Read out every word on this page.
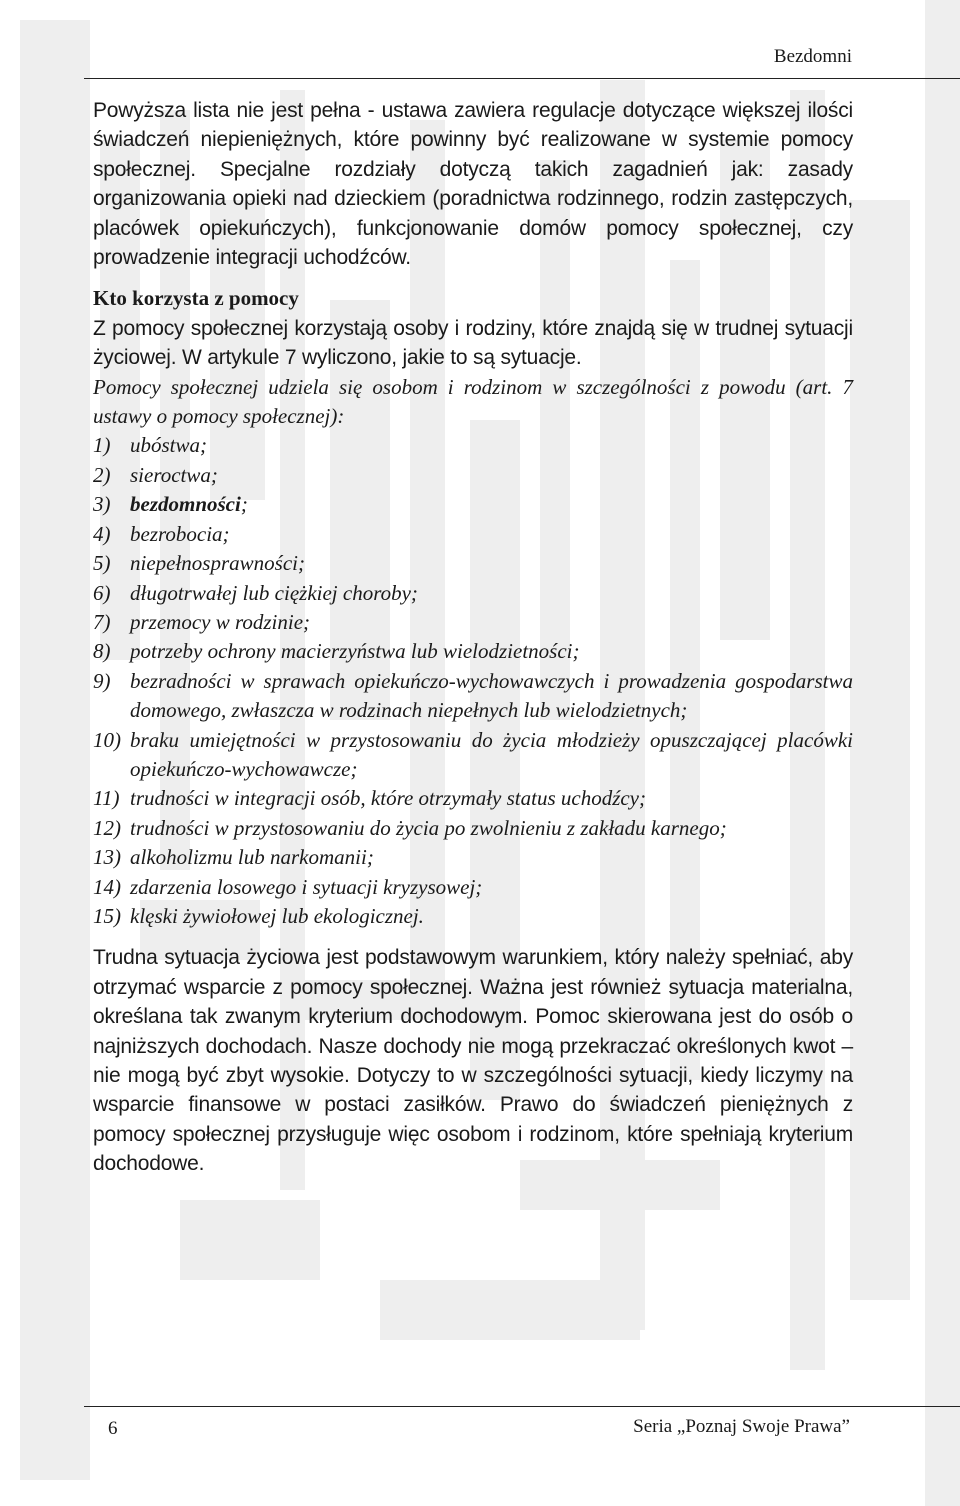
Bezdomni

Powyższa lista nie jest pełna - ustawa zawiera regulacje dotyczące większej ilości świadczeń niepieniężnych, które powinny być realizowane w systemie pomocy społecznej. Specjalne rozdziały dotyczą takich zagadnień jak: zasady organizowania opieki nad dzieckiem (poradnictwa rodzinnego, rodzin zastępczych, placówek opiekuńczych), funkcjonowanie domów pomocy społecznej, czy prowadzenie integracji uchodźców.

Kto korzysta z pomocy

Z pomocy społecznej korzystają osoby i rodziny, które znajdą się w trudnej sytuacji życiowej. W artykule 7 wyliczono, jakie to są sytuacje.

Pomocy społecznej udziela się osobom i rodzinom w szczególności z powodu (art. 7 ustawy o pomocy społecznej):

1) ubóstwa;
2) sieroctwa;
3) bezdomności;
4) bezrobocia;
5) niepełnosprawności;
6) długotrwałej lub ciężkiej choroby;
7) przemocy w rodzinie;
8) potrzeby ochrony macierzyństwa lub wielodzietności;
9) bezradności w sprawach opiekuńczo-wychowawczych i prowadzenia gospodarstwa domowego, zwłaszcza w rodzinach niepełnych lub wielodzietnych;
10) braku umiejętności w przystosowaniu do życia młodzieży opuszczającej placówki opiekuńczo-wychowawcze;
11) trudności w integracji osób, które otrzymały status uchodźcy;
12) trudności w przystosowaniu do życia po zwolnieniu z zakładu karnego;
13) alkoholizmu lub narkomanii;
14) zdarzenia losowego i sytuacji kryzysowej;
15) klęski żywiołowej lub ekologicznej.

Trudna sytuacja życiowa jest podstawowym warunkiem, który należy spełniać, aby otrzymać wsparcie z pomocy społecznej. Ważna jest również sytuacja materialna, określana tak zwanym kryterium dochodowym. Pomoc skierowana jest do osób o najniższych dochodach. Nasze dochody nie mogą przekraczać określonych kwot – nie mogą być zbyt wysokie. Dotyczy to w szczególności sytuacji, kiedy liczymy na wsparcie finansowe w postaci zasiłków. Prawo do świadczeń pieniężnych z pomocy społecznej przysługuje więc osobom i rodzinom, które spełniają kryterium dochodowe.

6	Seria „Poznaj Swoje Prawa”
